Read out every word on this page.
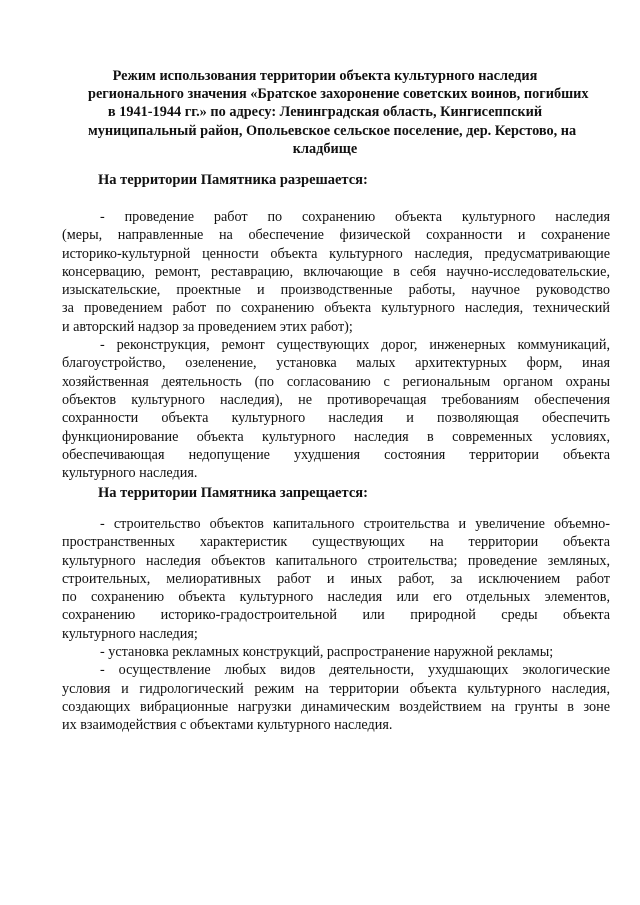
Режим использования территории объекта культурного наследия
регионального значения «Братское захоронение советских воинов, погибших
в 1941-1944 гг.» по адресу: Ленинградская область, Кингисеппский
муниципальный район, Опольевское сельское поселение, дер. Керстово, на
кладбище
На территории Памятника разрешается:
- проведение работ по сохранению объекта культурного наследия
(меры, направленные на обеспечение физической сохранности и сохранение
историко-культурной ценности объекта культурного наследия, предусматривающие
консервацию, ремонт, реставрацию, включающие в себя научно-исследовательские,
изыскательские, проектные и производственные работы, научное руководство
за проведением работ по сохранению объекта культурного наследия, технический
и авторский надзор за проведением этих работ);
- реконструкция, ремонт существующих дорог, инженерных коммуникаций,
благоустройство, озеленение, установка малых архитектурных форм, иная
хозяйственная деятельность (по согласованию с региональным органом охраны
объектов культурного наследия), не противоречащая требованиям обеспечения
сохранности объекта культурного наследия и позволяющая обеспечить
функционирование объекта культурного наследия в современных условиях,
обеспечивающая недопущение ухудшения состояния территории объекта
культурного наследия.
На территории Памятника запрещается:
- строительство объектов капитального строительства и увеличение объемно-
пространственных характеристик существующих на территории объекта
культурного наследия объектов капитального строительства; проведение земляных,
строительных, мелиоративных работ и иных работ, за исключением работ
по сохранению объекта культурного наследия или его отдельных элементов,
сохранению историко-градостроительной или природной среды объекта
культурного наследия;
- установка рекламных конструкций, распространение наружной рекламы;
- осуществление любых видов деятельности, ухудшающих экологические
условия и гидрологический режим на территории объекта культурного наследия,
создающих вибрационные нагрузки динамическим воздействием на грунты в зоне
их взаимодействия с объектами культурного наследия.
